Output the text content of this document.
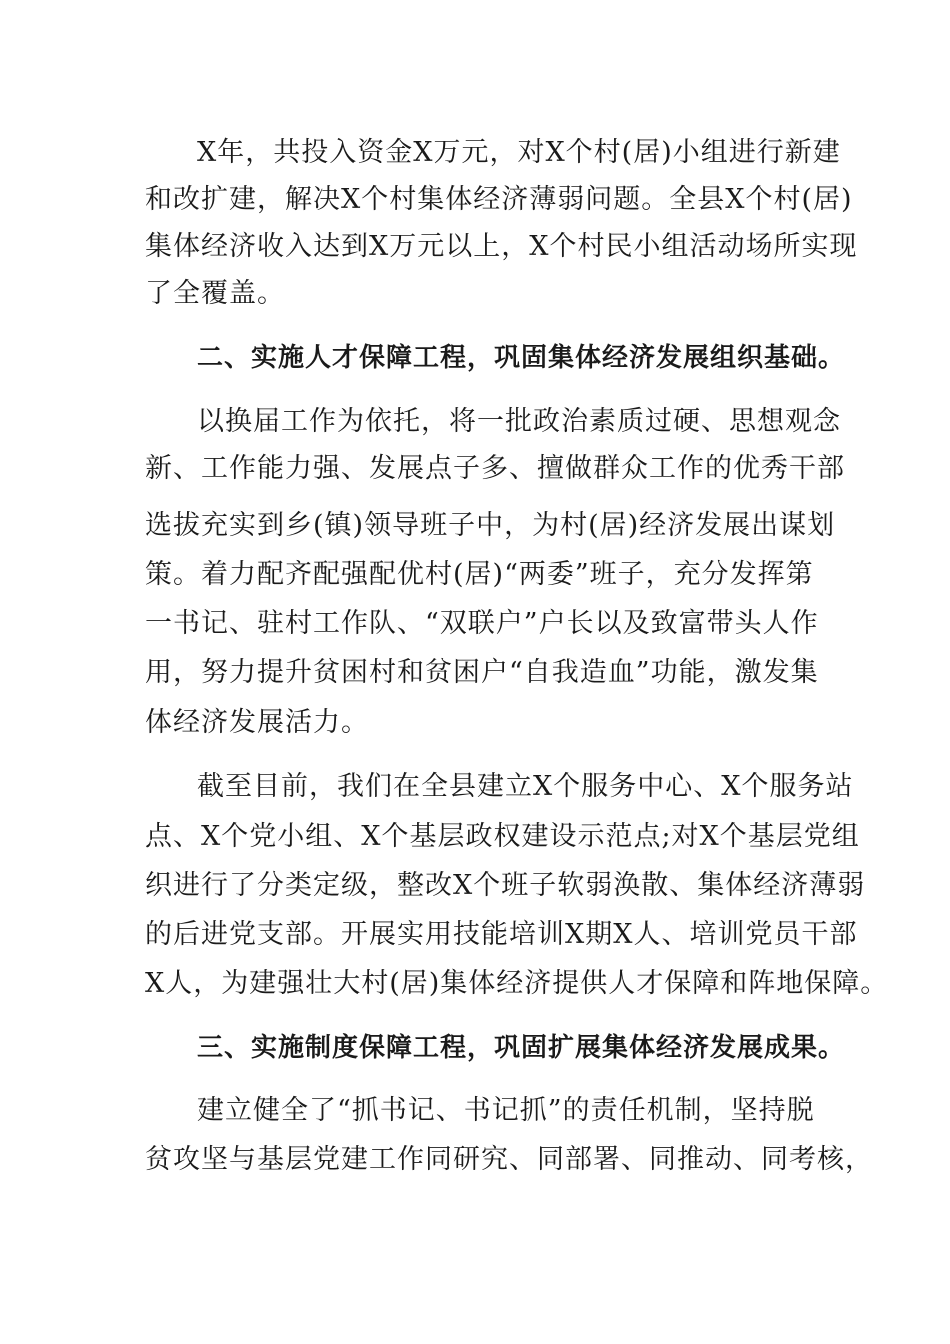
X年，共投入资金X万元，对X个村(居)小组进行新建
和改扩建，解决X个村集体经济薄弱问题。全县X个村(居)
集体经济收入达到X万元以上，X个村民小组活动场所实现
了全覆盖。
二、实施人才保障工程，巩固集体经济发展组织基础。
以换届工作为依托，将一批政治素质过硬、思想观念
新、工作能力强、发展点子多、擅做群众工作的优秀干部
选拔充实到乡(镇)领导班子中，为村(居)经济发展出谋划
策。着力配齐配强配优村(居)“两委”班子，充分发挥第
一书记、驻村工作队、“双联户”户长以及致富带头人作
用，努力提升贫困村和贫困户“自我造血”功能，激发集
体经济发展活力。
截至目前，我们在全县建立X个服务中心、X个服务站
点、X个党小组、X个基层政权建设示范点;对X个基层党组
织进行了分类定级，整改X个班子软弱涣散、集体经济薄弱
的后进党支部。开展实用技能培训X期X人、培训党员干部
X人，为建强壮大村(居)集体经济提供人才保障和阵地保障。
三、实施制度保障工程，巩固扩展集体经济发展成果。
建立健全了“抓书记、书记抓”的责任机制，坚持脱
贫攻坚与基层党建工作同研究、同部署、同推动、同考核，
